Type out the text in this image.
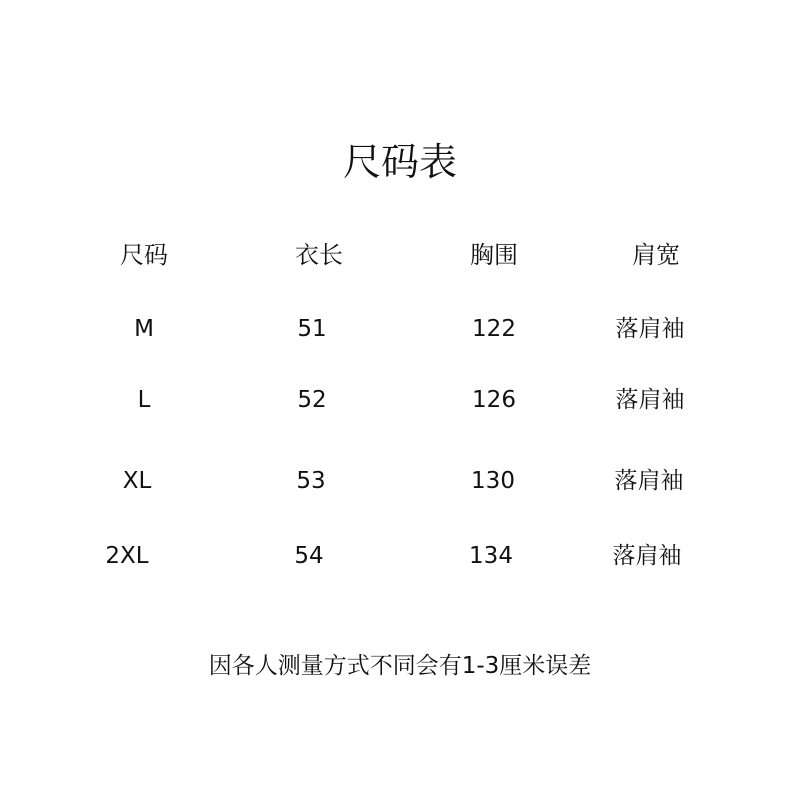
尺码表
尺码	衣长	胸围	肩宽
M	51	122	落肩袖
L	52	126	落肩袖
XL	53	130	落肩袖
2XL	54	134	落肩袖
因各人测量方式不同会有1-3厘米误差
